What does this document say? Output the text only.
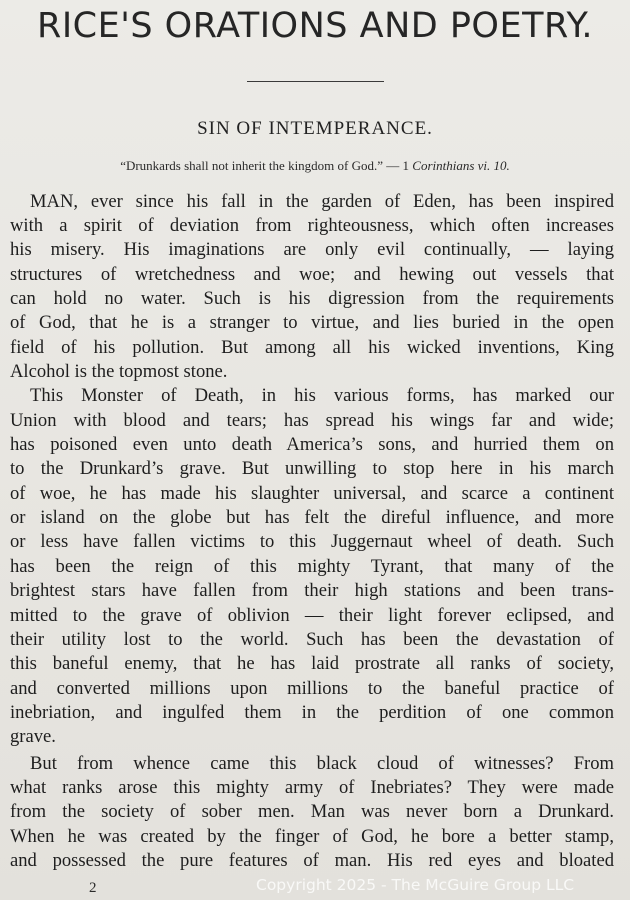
RICE'S ORATIONS AND POETRY.
SIN OF INTEMPERANCE.
“Drunkards shall not inherit the kingdom of God.” — 1 Corinthians vi. 10.
MAN, ever since his fall in the garden of Eden, has been inspired
with a spirit of deviation from righteousness, which often increases
his misery. His imaginations are only evil continually, — laying
structures of wretchedness and woe; and hewing out vessels that
can hold no water. Such is his digression from the requirements
of God, that he is a stranger to virtue, and lies buried in the open
field of his pollution. But among all his wicked inventions, King
Alcohol is the topmost stone.
This Monster of Death, in his various forms, has marked our
Union with blood and tears; has spread his wings far and wide;
has poisoned even unto death America’s sons, and hurried them on
to the Drunkard’s grave. But unwilling to stop here in his march
of woe, he has made his slaughter universal, and scarce a continent
or island on the globe but has felt the direful influence, and more
or less have fallen victims to this Juggernaut wheel of death. Such
has been the reign of this mighty Tyrant, that many of the
brightest stars have fallen from their high stations and been trans-
mitted to the grave of oblivion — their light forever eclipsed, and
their utility lost to the world. Such has been the devastation of
this baneful enemy, that he has laid prostrate all ranks of society,
and converted millions upon millions to the baneful practice of
inebriation, and ingulfed them in the perdition of one common
grave.
But from whence came this black cloud of witnesses? From
what ranks arose this mighty army of Inebriates? They were made
from the society of sober men. Man was never born a Drunkard.
When he was created by the finger of God, he bore a better stamp,
and possessed the pure features of man. His red eyes and bloated
2	Copyright 2025 - The McGuire Group LLC
